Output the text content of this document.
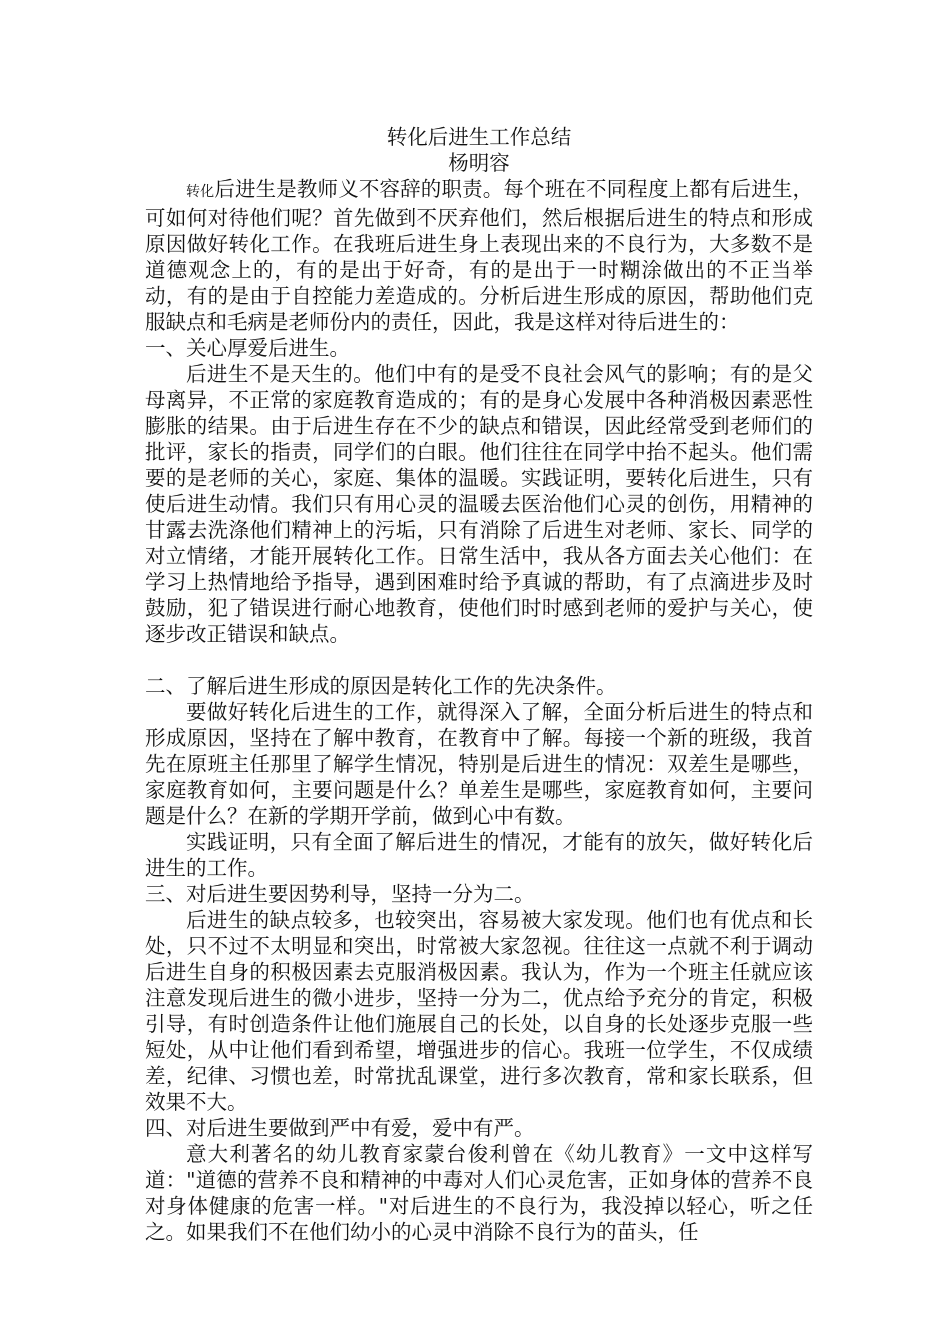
转化后进生工作总结

杨明容

转化后进生是教师义不容辞的职责。每个班在不同程度上都有后进生，可如何对待他们呢？首先做到不厌弃他们，然后根据后进生的特点和形成原因做好转化工作。在我班后进生身上表现出来的不良行为，大多数不是道德观念上的，有的是出于好奇，有的是出于一时糊涂做出的不正当举动，有的是由于自控能力差造成的。分析后进生形成的原因，帮助他们克服缺点和毛病是老师份内的责任，因此，我是这样对待后进生的：

一、关心厚爱后进生。

后进生不是天生的。他们中有的是受不良社会风气的影响；有的是父母离异，不正常的家庭教育造成的；有的是身心发展中各种消极因素恶性膨胀的结果。由于后进生存在不少的缺点和错误，因此经常受到老师们的批评，家长的指责，同学们的白眼。他们往往在同学中抬不起头。他们需要的是老师的关心，家庭、集体的温暖。实践证明，要转化后进生，只有使后进生动情。我们只有用心灵的温暖去医治他们心灵的创伤，用精神的甘露去洗涤他们精神上的污垢，只有消除了后进生对老师、家长、同学的对立情绪，才能开展转化工作。日常生活中，我从各方面去关心他们：在学习上热情地给予指导，遇到困难时给予真诚的帮助，有了点滴进步及时鼓励，犯了错误进行耐心地教育，使他们时时感到老师的爱护与关心，使逐步改正错误和缺点。

二、了解后进生形成的原因是转化工作的先决条件。

要做好转化后进生的工作，就得深入了解，全面分析后进生的特点和形成原因，坚持在了解中教育，在教育中了解。每接一个新的班级，我首先在原班主任那里了解学生情况，特别是后进生的情况：双差生是哪些，家庭教育如何，主要问题是什么？单差生是哪些，家庭教育如何，主要问题是什么？在新的学期开学前，做到心中有数。

实践证明，只有全面了解后进生的情况，才能有的放矢，做好转化后进生的工作。

三、对后进生要因势利导，坚持一分为二。

后进生的缺点较多，也较突出，容易被大家发现。他们也有优点和长处，只不过不太明显和突出，时常被大家忽视。往往这一点就不利于调动后进生自身的积极因素去克服消极因素。我认为，作为一个班主任就应该注意发现后进生的微小进步，坚持一分为二，优点给予充分的肯定，积极引导，有时创造条件让他们施展自己的长处，以自身的长处逐步克服一些短处，从中让他们看到希望，增强进步的信心。我班一位学生，不仅成绩差，纪律、习惯也差，时常扰乱课堂，进行多次教育，常和家长联系，但效果不大。

四、对后进生要做到严中有爱，爱中有严。

意大利著名的幼儿教育家蒙台俊利曾在《幼儿教育》一文中这样写道："道德的营养不良和精神的中毒对人们心灵危害，正如身体的营养不良对身体健康的危害一样。"对后进生的不良行为，我没掉以轻心，听之任之。如果我们不在他们幼小的心灵中消除不良行为的苗头，任
